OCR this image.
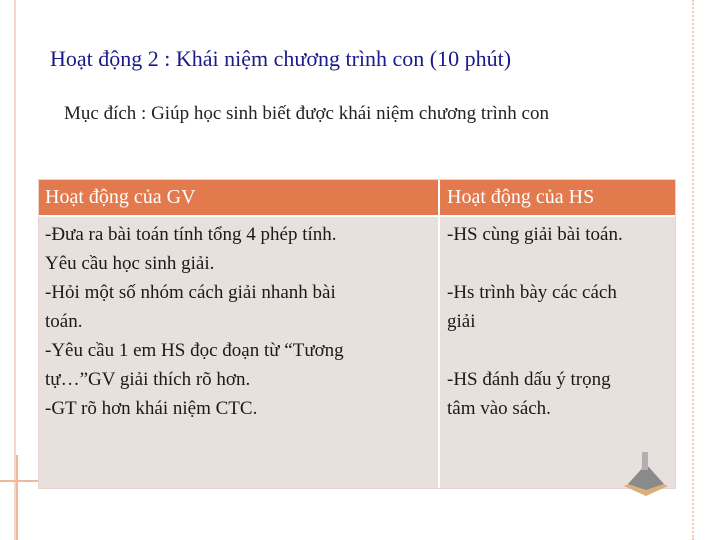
Hoạt động 2 : Khái niệm chương trình con (10 phút)
Mục đích : Giúp học sinh biết được khái niệm chương trình con
Hoạt động của GV	Hoạt động của HS
-Đưa ra bài toán tính tổng 4 phép tính.
Yêu cầu học sinh giải.
-Hỏi một số nhóm cách giải nhanh bài
toán.
-Yêu cầu 1 em HS đọc đoạn từ “Tương
tự…”GV giải thích rõ hơn.
-GT rõ hơn khái niệm CTC.
-HS cùng giải bài toán.
-Hs trình bày các cách
giải
-HS đánh dấu ý trọng
tâm vào sách.
